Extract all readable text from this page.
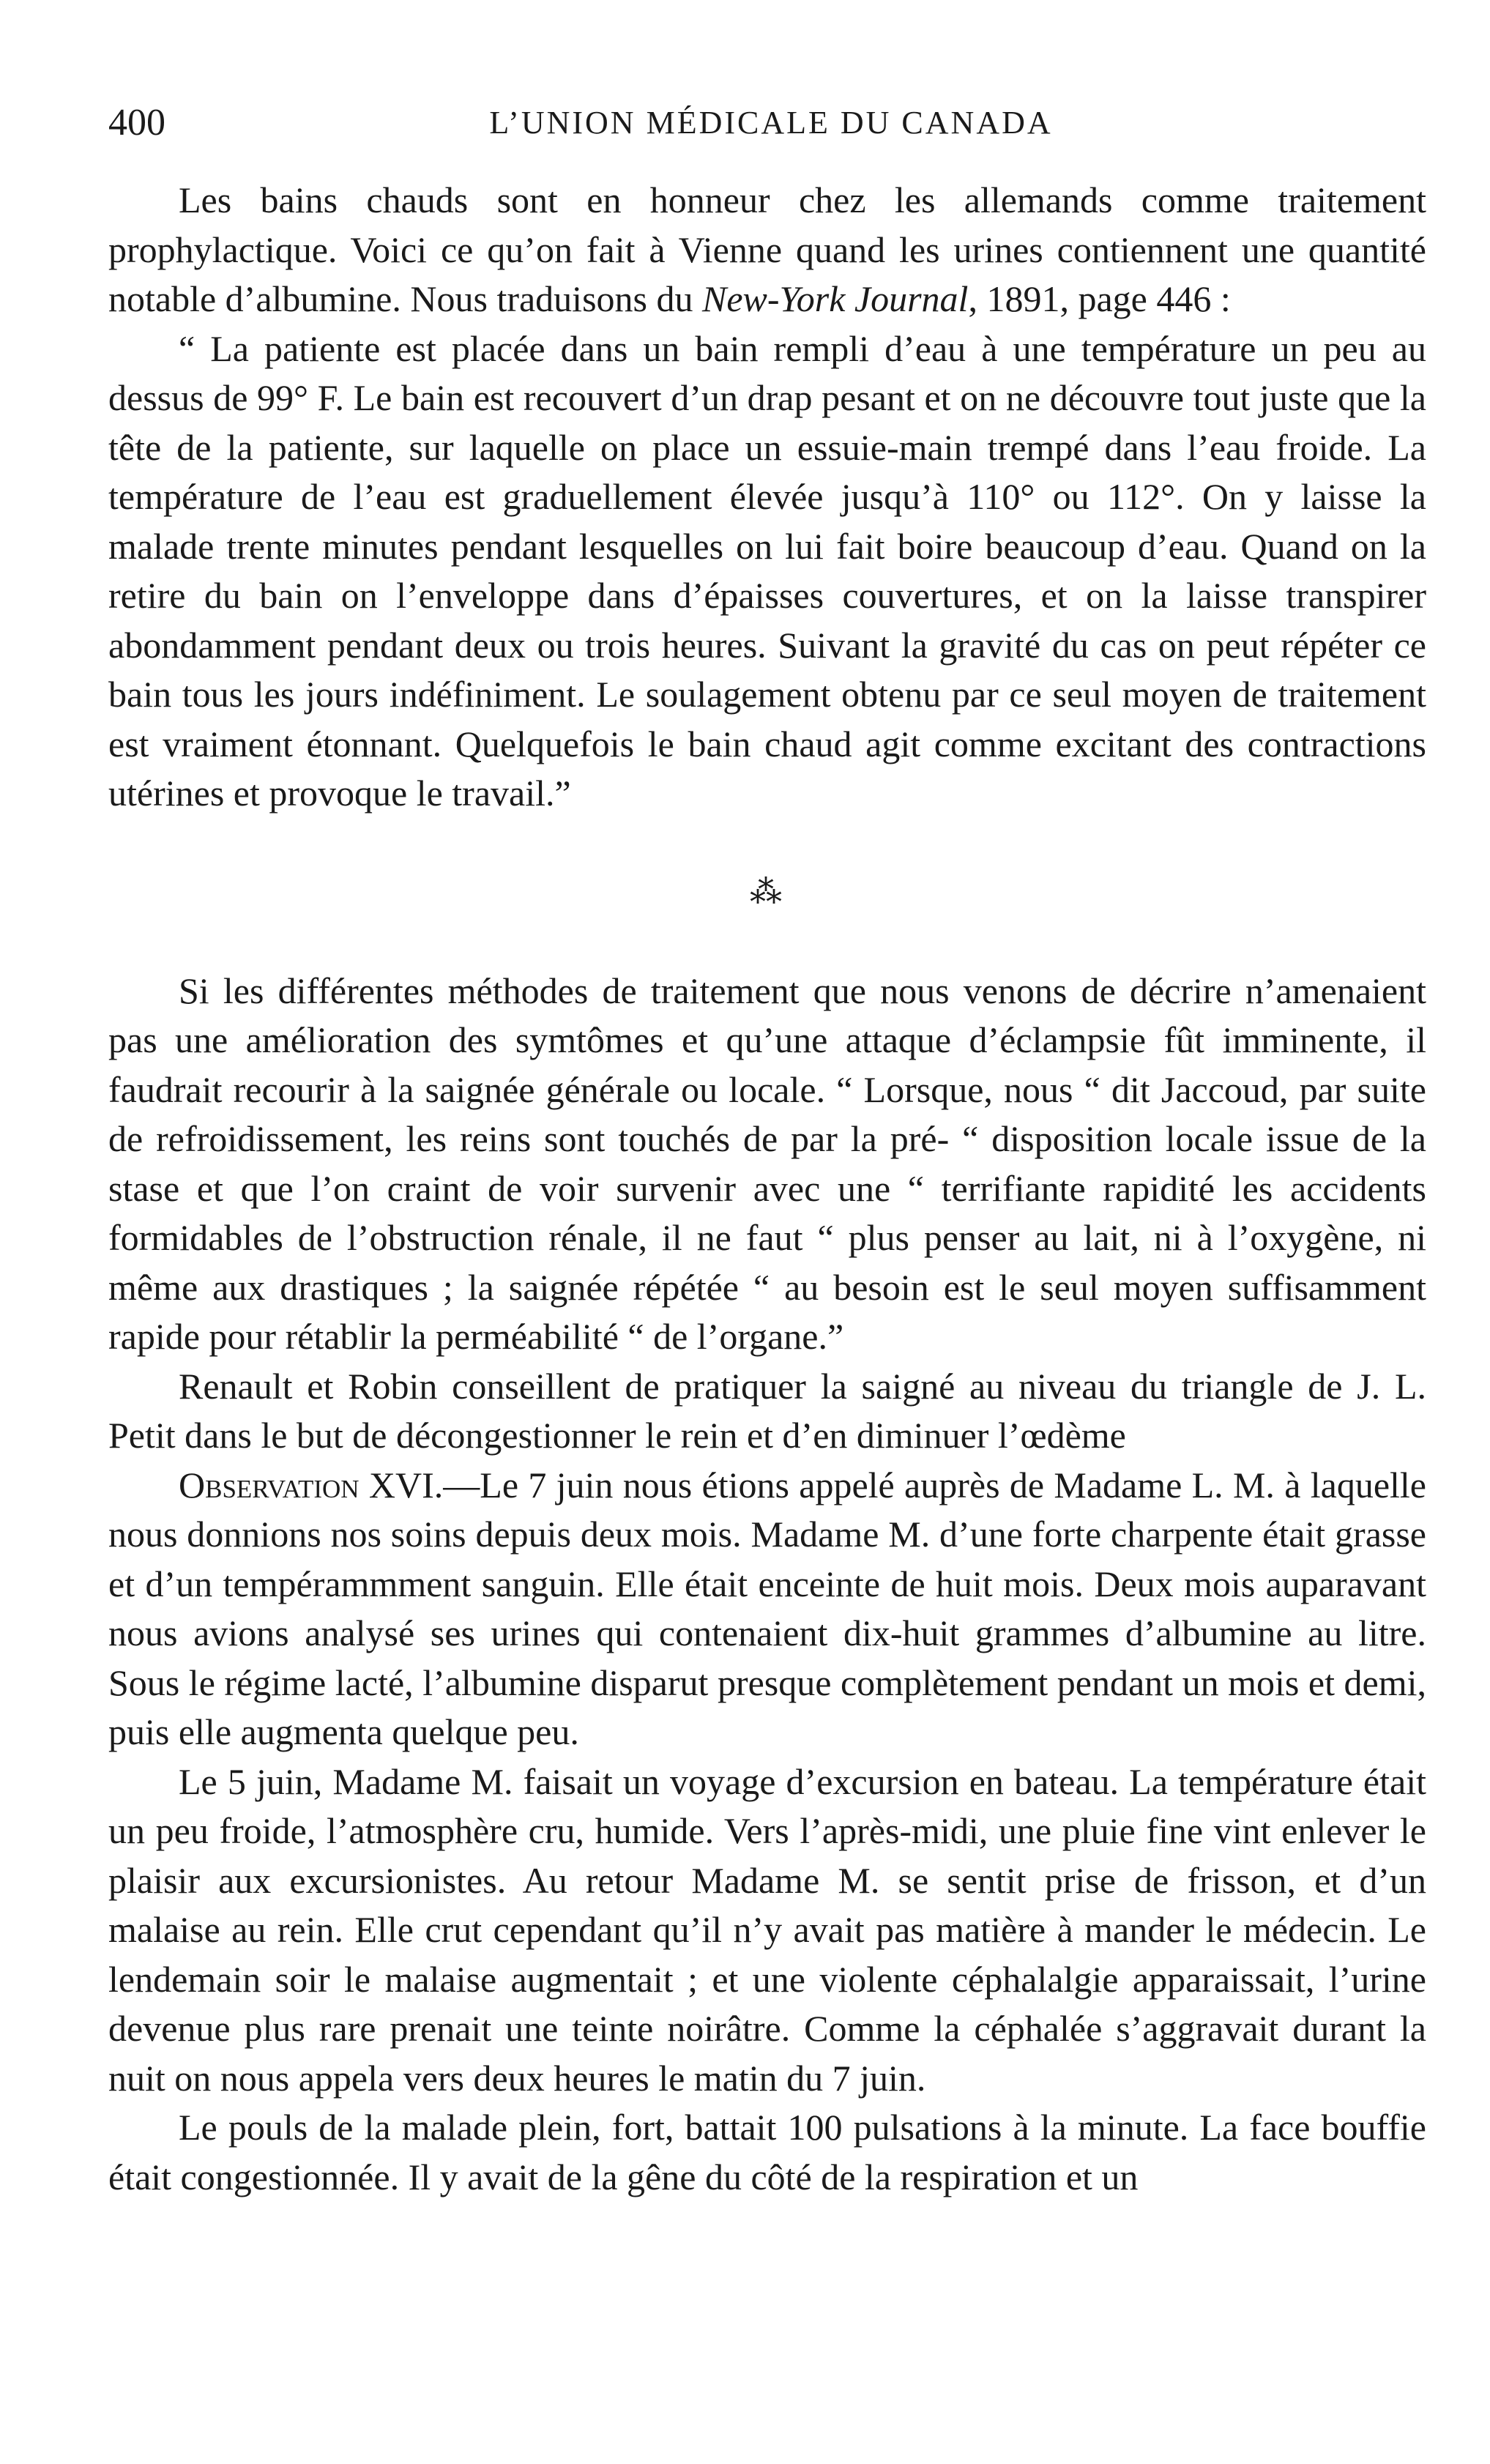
400	L’UNION MÉDICALE DU CANADA

Les bains chauds sont en honneur chez les allemands comme traitement prophylactique. Voici ce qu’on fait à Vienne quand les urines contiennent une quantité notable d’albumine. Nous traduisons du New-York Journal, 1891, page 446 :

“ La patiente est placée dans un bain rempli d’eau à une température un peu au dessus de 99° F. Le bain est recouvert d’un drap pesant et on ne découvre tout juste que la tête de la patiente, sur laquelle on place un essuie-main trempé dans l’eau froide. La température de l’eau est graduellement élevée jusqu’à 110° ou 112°. On y laisse la malade trente minutes pendant lesquelles on lui fait boire beaucoup d’eau. Quand on la retire du bain on l’enveloppe dans d’épaisses couvertures, et on la laisse transpirer abondamment pendant deux ou trois heures. Suivant la gravité du cas on peut répéter ce bain tous les jours indéfiniment. Le soulagement obtenu par ce seul moyen de traitement est vraiment étonnant. Quelquefois le bain chaud agit comme excitant des contractions utérines et provoque le travail.”

⁂

Si les différentes méthodes de traitement que nous venons de décrire n’amenaient pas une amélioration des symtômes et qu’une attaque d’éclampsie fût imminente, il faudrait recourir à la saignée générale ou locale. “ Lorsque, nous “ dit Jaccoud, par suite de refroidissement, les reins sont touchés de par la pré- “ disposition locale issue de la stase et que l’on craint de voir survenir avec une “ terrifiante rapidité les accidents formidables de l’obstruction rénale, il ne faut “ plus penser au lait, ni à l’oxygène, ni même aux drastiques ; la saignée répétée “ au besoin est le seul moyen suffisamment rapide pour rétablir la perméabilité “ de l’organe.”

Renault et Robin conseillent de pratiquer la saigné au niveau du triangle de J. L. Petit dans le but de décongestionner le rein et d’en diminuer l’œdème

Observation XVI.—Le 7 juin nous étions appelé auprès de Madame L. M. à laquelle nous donnions nos soins depuis deux mois. Madame M. d’une forte charpente était grasse et d’un tempérammment sanguin. Elle était enceinte de huit mois. Deux mois auparavant nous avions analysé ses urines qui contenaient dix-huit grammes d’albumine au litre. Sous le régime lacté, l’albumine disparut presque complètement pendant un mois et demi, puis elle augmenta quelque peu.

Le 5 juin, Madame M. faisait un voyage d’excursion en bateau. La température était un peu froide, l’atmosphère cru, humide. Vers l’après-midi, une pluie fine vint enlever le plaisir aux excursionistes. Au retour Madame M. se sentit prise de frisson, et d’un malaise au rein. Elle crut cependant qu’il n’y avait pas matière à mander le médecin. Le lendemain soir le malaise augmentait ; et une violente céphalalgie apparaissait, l’urine devenue plus rare prenait une teinte noirâtre. Comme la céphalée s’aggravait durant la nuit on nous appela vers deux heures le matin du 7 juin.

Le pouls de la malade plein, fort, battait 100 pulsations à la minute. La face bouffie était congestionnée. Il y avait de la gêne du côté de la respiration et un
